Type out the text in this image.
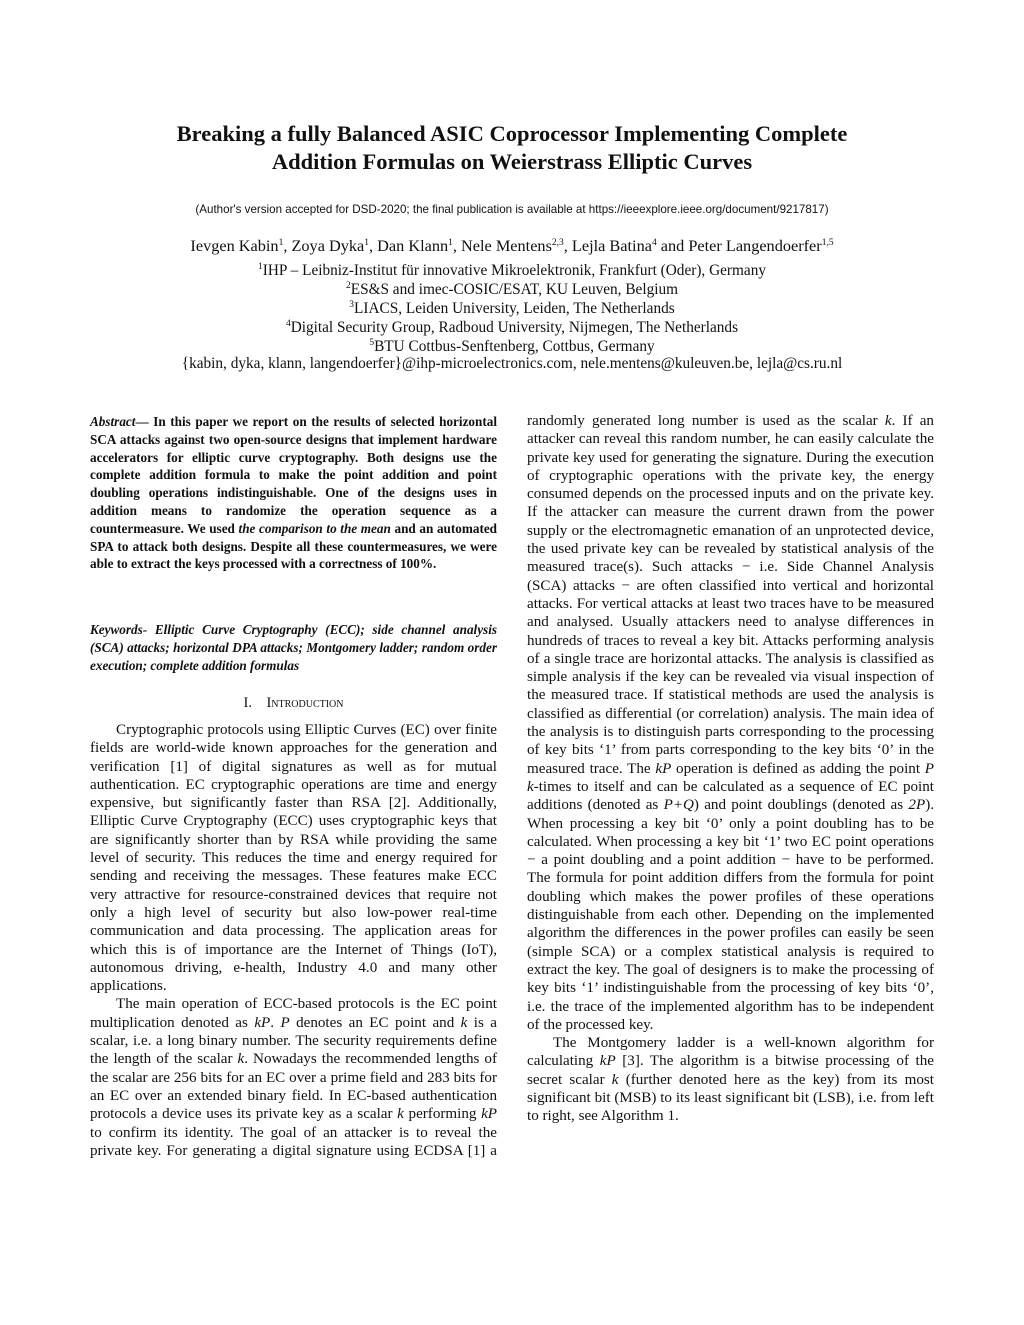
Breaking a fully Balanced ASIC Coprocessor Implementing Complete
Addition Formulas on Weierstrass Elliptic Curves
(Author's version accepted for DSD-2020; the final publication is available at https://ieeexplore.ieee.org/document/9217817)
Ievgen Kabin$^1$, Zoya Dyka$^1$, Dan Klann$^1$, Nele Mentens$^{2,3}$, Lejla Batina$^4$ and Peter Langendoerfer$^{1,5}$
$^1$IHP – Leibniz-Institut für innovative Mikroelektronik, Frankfurt (Oder), Germany
$^2$ES&S and imec-COSIC/ESAT, KU Leuven, Belgium
$^3$LIACS, Leiden University, Leiden, The Netherlands
$^4$Digital Security Group, Radboud University, Nijmegen, The Netherlands
$^5$BTU Cottbus-Senftenberg, Cottbus, Germany
{kabin, dyka, klann, langendoerfer}@ihp-microelectronics.com, nele.mentens@kuleuven.be, lejla@cs.ru.nl
Abstract— In this paper we report on the results of selected horizontal SCA attacks against two open-source designs that implement hardware accelerators for elliptic curve cryptography. Both designs use the complete addition formula to make the point addition and point doubling operations indistinguishable. One of the designs uses in addition means to randomize the operation sequence as a countermeasure. We used the comparison to the mean and an automated SPA to attack both designs. Despite all these countermeasures, we were able to extract the keys processed with a correctness of 100%.
Keywords- Elliptic Curve Cryptography (ECC); side channel analysis (SCA) attacks; horizontal DPA attacks; Montgomery ladder; random order execution; complete addition formulas
I. Introduction

Cryptographic protocols using Elliptic Curves (EC) over finite fields are world-wide known approaches for the generation and verification [1] of digital signatures as well as for mutual authentication. EC cryptographic operations are time and energy expensive, but significantly faster than RSA [2]. Additionally, Elliptic Curve Cryptography (ECC) uses cryptographic keys that are significantly shorter than by RSA while providing the same level of security. This reduces the time and energy required for sending and receiving the messages. These features make ECC very attractive for resource-constrained devices that require not only a high level of security but also low-power real-time communication and data processing. The application areas for which this is of importance are the Internet of Things (IoT), autonomous driving, e-health, Industry 4.0 and many other applications.

The main operation of ECC-based protocols is the EC point multiplication denoted as kP. P denotes an EC point and k is a scalar, i.e. a long binary number. The security requirements define the length of the scalar k. Nowadays the recommended lengths of the scalar are 256 bits for an EC over a prime field and 283 bits for an EC over an extended binary field. In EC-based authentication protocols a device uses its private key as a scalar k performing kP to confirm its identity. The goal of an attacker is to reveal the private key. For generating a digital signature using ECDSA [1] a

randomly generated long number is used as the scalar k. If an attacker can reveal this random number, he can easily calculate the private key used for generating the signature. During the execution of cryptographic operations with the private key, the energy consumed depends on the processed inputs and on the private key. If the attacker can measure the current drawn from the power supply or the electromagnetic emanation of an unprotected device, the used private key can be revealed by statistical analysis of the measured trace(s). Such attacks − i.e. Side Channel Analysis (SCA) attacks − are often classified into vertical and horizontal attacks. For vertical attacks at least two traces have to be measured and analysed. Usually attackers need to analyse differences in hundreds of traces to reveal a key bit. Attacks performing analysis of a single trace are horizontal attacks. The analysis is classified as simple analysis if the key can be revealed via visual inspection of the measured trace. If statistical methods are used the analysis is classified as differential (or correlation) analysis. The main idea of the analysis is to distinguish parts corresponding to the processing of key bits ‘1’ from parts corresponding to the key bits ‘0’ in the measured trace. The kP operation is defined as adding the point P k-times to itself and can be calculated as a sequence of EC point additions (denoted as P+Q) and point doublings (denoted as 2P). When processing a key bit ‘0’ only a point doubling has to be calculated. When processing a key bit ‘1’ two EC point operations − a point doubling and a point addition − have to be performed. The formula for point addition differs from the formula for point doubling which makes the power profiles of these operations distinguishable from each other. Depending on the implemented algorithm the differences in the power profiles can easily be seen (simple SCA) or a complex statistical analysis is required to extract the key. The goal of designers is to make the processing of key bits ‘1’ indistinguishable from the processing of key bits ‘0’, i.e. the trace of the implemented algorithm has to be independent of the processed key.

The Montgomery ladder is a well-known algorithm for calculating kP [3]. The algorithm is a bitwise processing of the secret scalar k (further denoted here as the key) from its most significant bit (MSB) to its least significant bit (LSB), i.e. from left to right, see Algorithm 1.
